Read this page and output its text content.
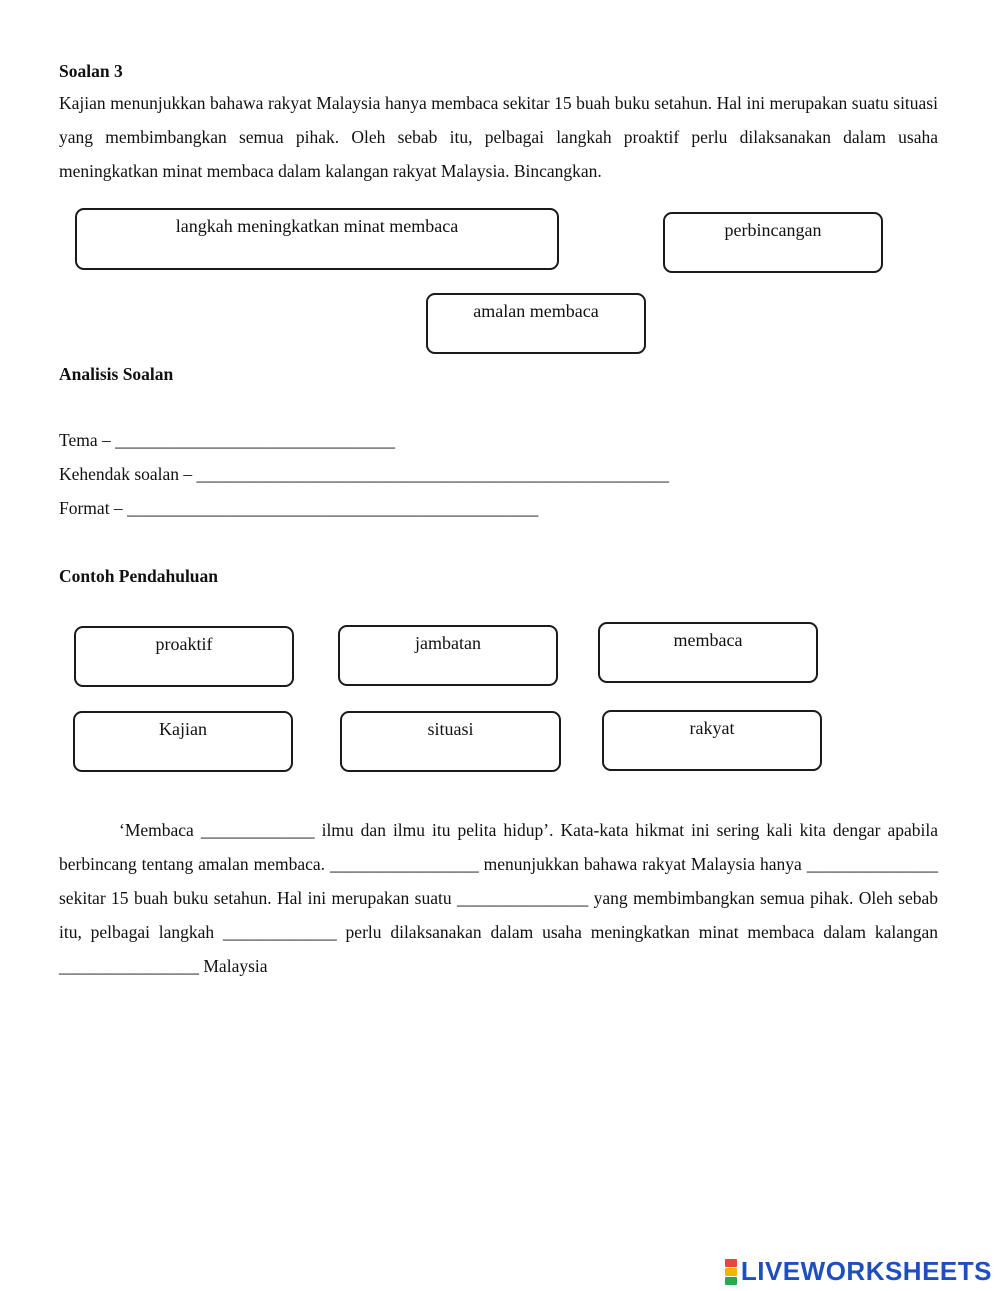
Soalan 3
Kajian menunjukkan bahawa rakyat Malaysia hanya membaca sekitar 15 buah buku setahun. Hal ini merupakan suatu situasi yang membimbangkan semua pihak. Oleh sebab itu, pelbagai langkah proaktif perlu dilaksanakan dalam usaha meningkatkan minat membaca dalam kalangan rakyat Malaysia. Bincangkan.
langkah meningkatkan minat membaca	perbincangan
amalan membaca
Analisis Soalan
Tema – ________________________________
Kehendak soalan – ______________________________________________________
Format – _______________________________________________
Contoh Pendahuluan
proaktif	jambatan	membaca
Kajian	situasi	rakyat
‘Membaca _____________ ilmu dan ilmu itu pelita hidup’. Kata-kata hikmat ini sering kali kita dengar apabila berbincang tentang amalan membaca. _________________ menunjukkan bahawa rakyat Malaysia hanya _______________ sekitar 15 buah buku setahun. Hal ini merupakan suatu _______________ yang membimbangkan semua pihak. Oleh sebab itu, pelbagai langkah _____________ perlu dilaksanakan dalam usaha meningkatkan minat membaca dalam kalangan ________________ Malaysia
LIVEWORKSHEETS
